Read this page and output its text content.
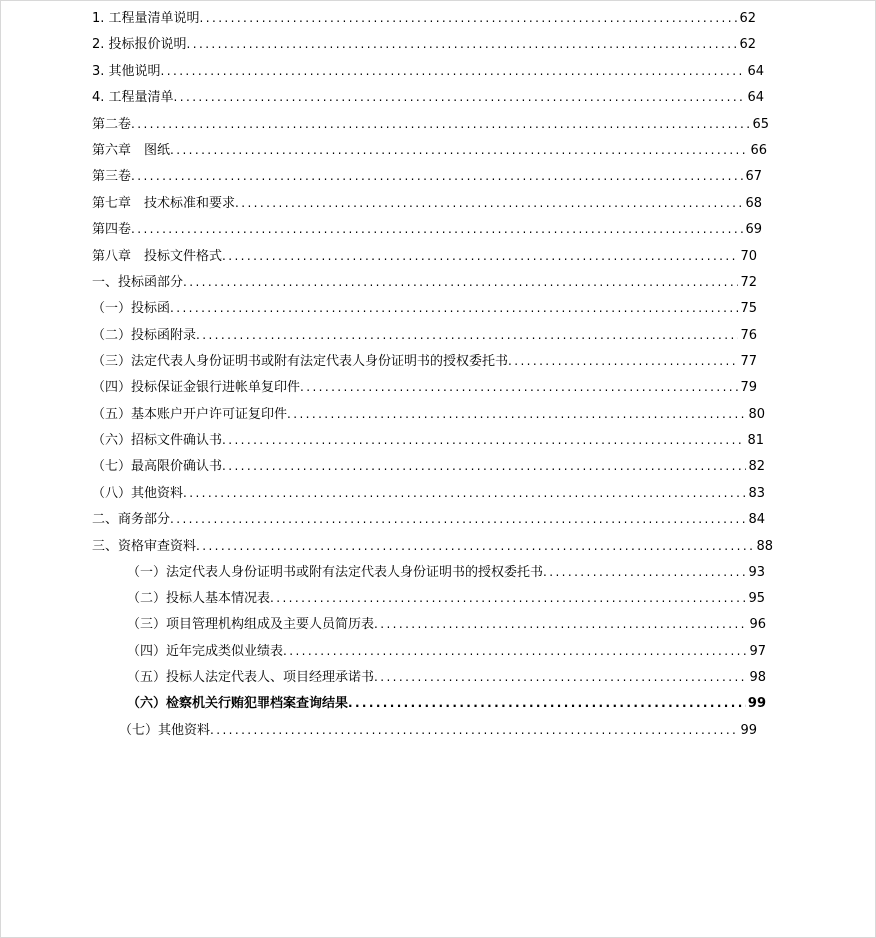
1. 工程量清单说明 .....	62
2. 投标报价说明 .....	62
3. 其他说明 .....	64
4. 工程量清单 .....	64
第二卷 .....	65
第六章　图纸 .....	66
第三卷 .....	67
第七章　技术标准和要求 .....	68
第四卷 .....	69
第八章　投标文件格式 .....	70
一、投标函部分 .....	72
（一）投标函 .....	75
（二）投标函附录 .....	76
（三）法定代表人身份证明书或附有法定代表人身份证明书的授权委托书 .....	77
（四）投标保证金银行进帐单复印件 .....	79
（五）基本账户开户许可证复印件 .....	80
（六）招标文件确认书 .....	81
（七）最高限价确认书 .....	82
（八）其他资料 .....	83
二、商务部分 .....	84
三、资格审查资料 .....	88
（一）法定代表人身份证明书或附有法定代表人身份证明书的授权委托书 .....	93
（二）投标人基本情况表 .....	95
（三）项目管理机构组成及主要人员简历表 .....	96
（四）近年完成类似业绩表 .....	97
（五）投标人法定代表人、项目经理承诺书 .....	98
（六）检察机关行贿犯罪档案查询结果 .....	99
（七）其他资料 .....	99
